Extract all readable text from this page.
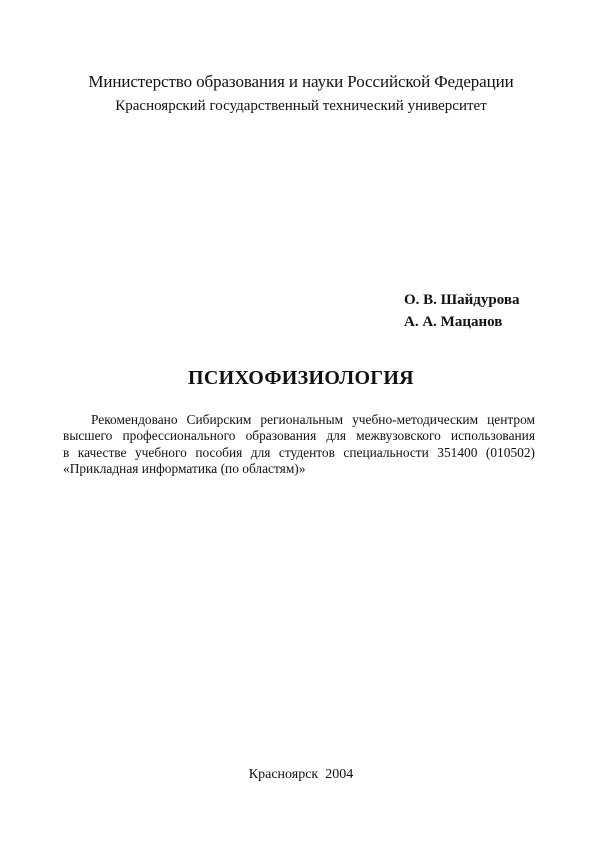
Министерство образования и науки Российской Федерации
Красноярский государственный технический университет
О. В. Шайдурова
А. А. Мацанов
ПСИХОФИЗИОЛОГИЯ
Рекомендовано Сибирским региональным учебно-методическим центром
высшего профессионального образования для межвузовского использования
в качестве учебного пособия для студентов специальности 351400 (010502)
«Прикладная информатика (по областям)»
Красноярск  2004
